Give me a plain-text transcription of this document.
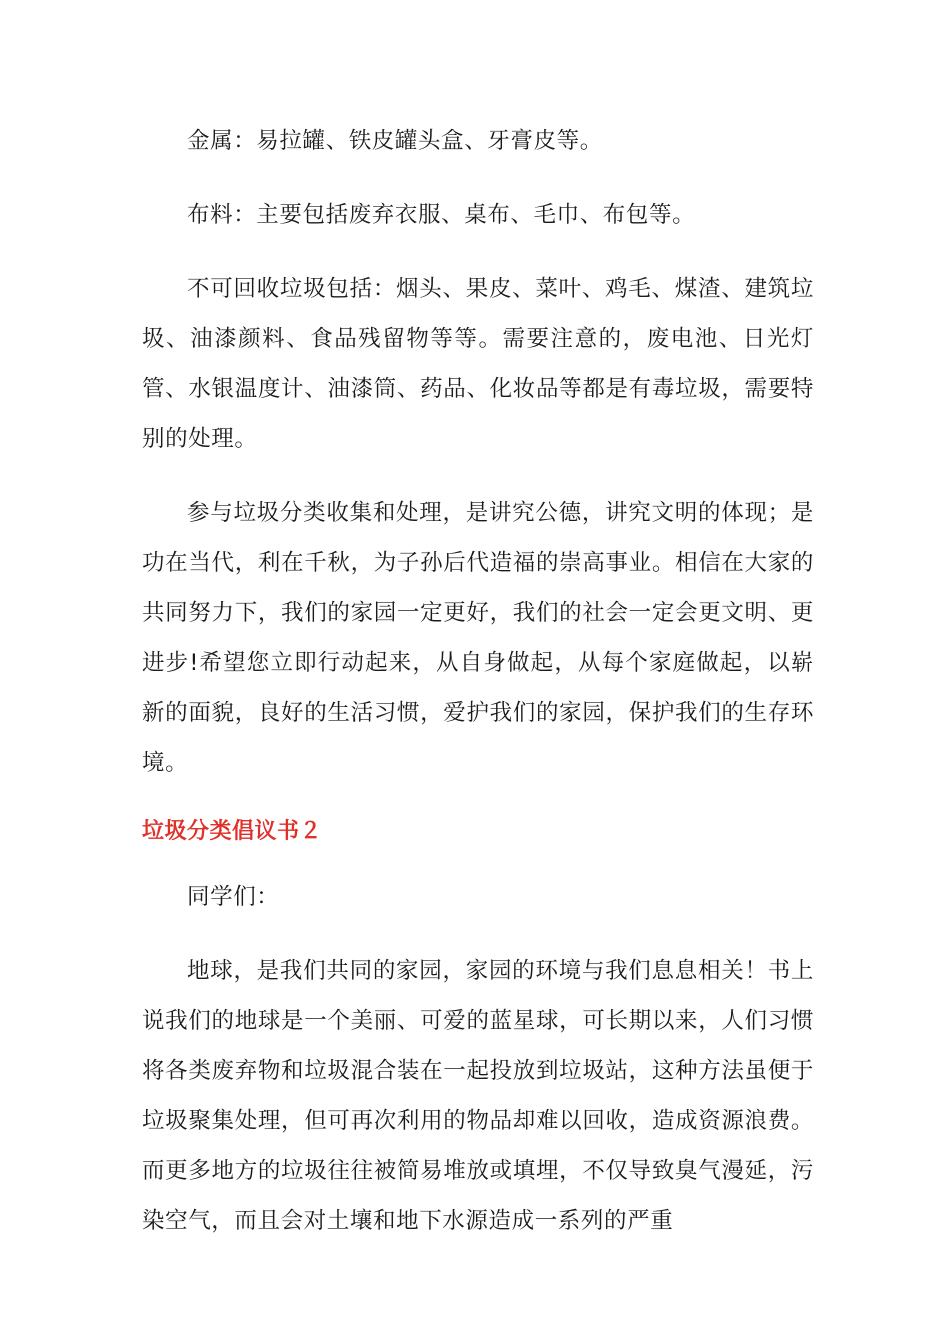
金属：易拉罐、铁皮罐头盒、牙膏皮等。

布料：主要包括废弃衣服、桌布、毛巾、布包等。

不可回收垃圾包括：烟头、果皮、菜叶、鸡毛、煤渣、建筑垃圾、油漆颜料、食品残留物等等。需要注意的，废电池、日光灯管、水银温度计、油漆筒、药品、化妆品等都是有毒垃圾，需要特别的处理。

参与垃圾分类收集和处理，是讲究公德，讲究文明的体现；是功在当代，利在千秋，为子孙后代造福的崇高事业。相信在大家的共同努力下，我们的家园一定更好，我们的社会一定会更文明、更进步!希望您立即行动起来，从自身做起，从每个家庭做起，以崭新的面貌，良好的生活习惯，爱护我们的家园，保护我们的生存环境。

垃圾分类倡议书２

同学们：

地球，是我们共同的家园，家园的环境与我们息息相关！书上说我们的地球是一个美丽、可爱的蓝星球，可长期以来，人们习惯将各类废弃物和垃圾混合装在一起投放到垃圾站，这种方法虽便于垃圾聚集处理，但可再次利用的物品却难以回收，造成资源浪费。而更多地方的垃圾往往被简易堆放或填埋，不仅导致臭气漫延，污染空气，而且会对土壤和地下水源造成一系列的严重
